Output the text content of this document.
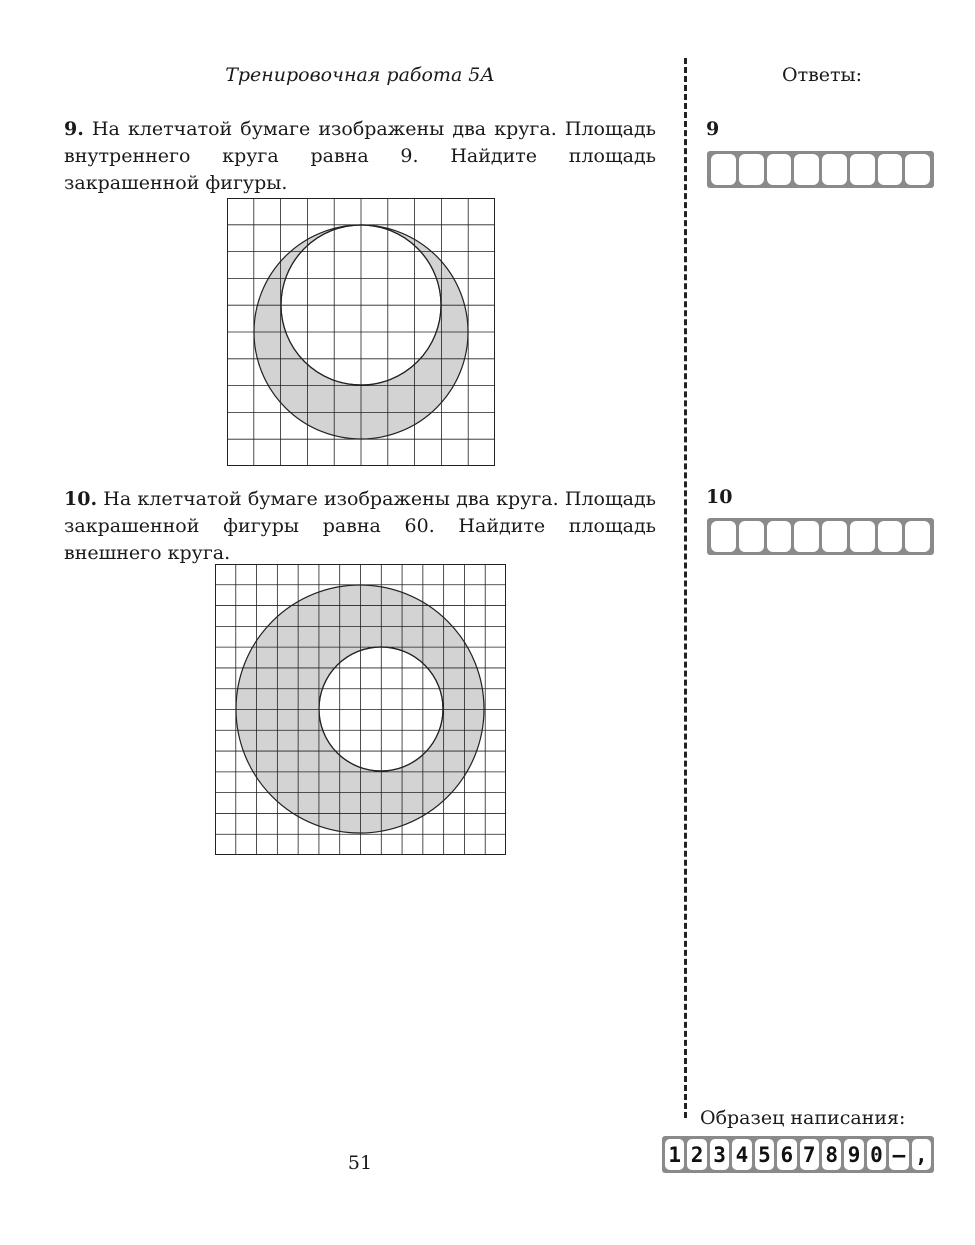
Тренировочная работа 5А	Ответы:
9. На клетчатой бумаге изображены два круга. Площадь внутреннего круга равна 9. Найдите площадь закрашенной фигуры.
9
10. На клетчатой бумаге изображены два круга. Площадь закрашенной фигуры равна 60. Найдите площадь внешнего круга.
10
Образец написания:
1 2 3 4 5 6 7 8 9 0 – ,
51
